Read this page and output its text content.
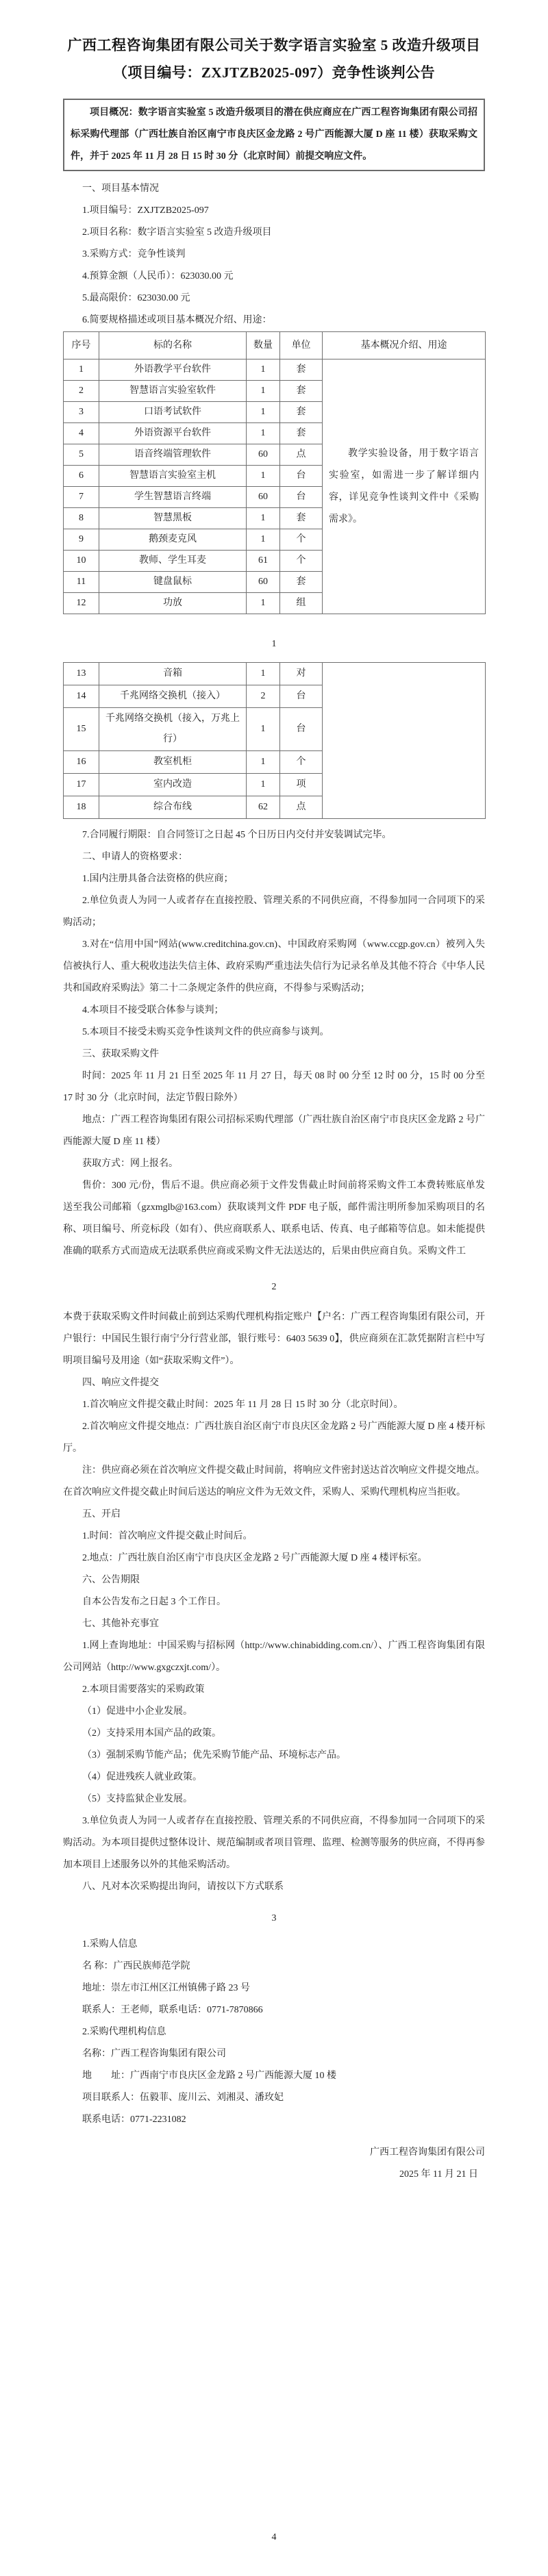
广西工程咨询集团有限公司关于数字语言实验室 5 改造升级项目
（项目编号：ZXJTZB2025-097）竞争性谈判公告

项目概况：数字语言实验室 5 改造升级项目的潜在供应商应在广西工程咨询集团有限公司招标采购代理部（广西壮族自治区南宁市良庆区金龙路 2 号广西能源大厦 D 座 11 楼）获取采购文件，并于 2025 年 11 月 28 日 15 时 30 分（北京时间）前提交响应文件。

一、项目基本情况
1.项目编号：ZXJTZB2025-097
2.项目名称：数字语言实验室 5 改造升级项目
3.采购方式：竞争性谈判
4.预算金额（人民币）：623030.00 元
5.最高限价：623030.00 元
6.简要规格描述或项目基本概况介绍、用途：
序号	标的名称	数量	单位	基本概况介绍、用途
1	外语教学平台软件	1	套	教学实验设备，用于数字语言实验室，如需进一步了解详细内容，详见竞争性谈判文件中《采购需求》。

2	智慧语言实验室软件	1	套	
3	口语考试软件	1	套	
4	外语资源平台软件	1	套	
5	语音终端管理软件	60	点	
6	智慧语言实验室主机	1	台	
7	学生智慧语言终端	60	台	
8	智慧黑板	1	套	
9	鹅颈麦克风	1	个	
10	教师、学生耳麦	61	个	
11	键盘鼠标	60	套	
12	功放	1	组	
1
13	音箱	1	对	
14	千兆网络交换机（接入）	2	台	
15	千兆网络交换机（接入，万兆上行）	1	台	
16	教室机柜	1	个	
17	室内改造	1	项	
18	综合布线	62	点	
7.合同履行期限：自合同签订之日起 45 个日历日内交付并安装调试完毕。
二、申请人的资格要求：
1.国内注册具备合法资格的供应商；
2.单位负责人为同一人或者存在直接控股、管理关系的不同供应商，不得参加同一合同项下的采购活动；
3.对在“信用中国”网站(www.creditchina.gov.cn)、中国政府采购网（www.ccgp.gov.cn）被列入失信被执行人、重大税收违法失信主体、政府采购严重违法失信行为记录名单及其他不符合《中华人民共和国政府采购法》第二十二条规定条件的供应商，不得参与采购活动；
4.本项目不接受联合体参与谈判；
5.本项目不接受未购买竞争性谈判文件的供应商参与谈判。
三、获取采购文件
时间：2025 年 11 月 21 日至 2025 年 11 月 27 日，每天 08 时 00 分至 12 时 00 分，15 时 00 分至 17 时 30 分（北京时间，法定节假日除外）
地点：广西工程咨询集团有限公司招标采购代理部（广西壮族自治区南宁市良庆区金龙路 2 号广西能源大厦 D 座 11 楼）
获取方式：网上报名。
售价：300 元/份，售后不退。供应商必须于文件发售截止时间前将采购文件工本费转账底单发送至我公司邮箱（gzxmglb@163.com）获取谈判文件 PDF 电子版，邮件需注明所参加采购项目的名称、项目编号、所竞标段（如有）、供应商联系人、联系电话、传真、电子邮箱等信息。如未能提供准确的联系方式而造成无法联系供应商或采购文件无法送达的，后果由供应商自负。采购文件工
2
本费于获取采购文件时间截止前到达采购代理机构指定账户【户名：广西工程咨询集团有限公司，开户银行：中国民生银行南宁分行营业部，银行账号：6403 5639 0】，供应商须在汇款凭据附言栏中写明项目编号及用途（如“获取采购文件”）。
四、响应文件提交
1.首次响应文件提交截止时间：2025 年 11 月 28 日 15 时 30 分（北京时间）。
2.首次响应文件提交地点：广西壮族自治区南宁市良庆区金龙路 2 号广西能源大厦 D 座 4 楼开标厅。
注：供应商必须在首次响应文件提交截止时间前，将响应文件密封送达首次响应文件提交地点。在首次响应文件提交截止时间后送达的响应文件为无效文件，采购人、采购代理机构应当拒收。
五、开启
1.时间：首次响应文件提交截止时间后。
2.地点：广西壮族自治区南宁市良庆区金龙路 2 号广西能源大厦 D 座 4 楼评标室。
六、公告期限
自本公告发布之日起 3 个工作日。
七、其他补充事宜
1.网上查询地址：中国采购与招标网（http://www.chinabidding.com.cn/）、广西工程咨询集团有限公司网站（http://www.gxgczxjt.com/）。
2.本项目需要落实的采购政策
（1）促进中小企业发展。
（2）支持采用本国产品的政策。
（3）强制采购节能产品；优先采购节能产品、环境标志产品。
（4）促进残疾人就业政策。
（5）支持监狱企业发展。
3.单位负责人为同一人或者存在直接控股、管理关系的不同供应商，不得参加同一合同项下的采购活动。为本项目提供过整体设计、规范编制或者项目管理、监理、检测等服务的供应商，不得再参加本项目上述服务以外的其他采购活动。
八、凡对本次采购提出询问，请按以下方式联系
3
1.采购人信息
名 称：广西民族师范学院
地址：崇左市江州区江州镇佛子路 23 号
联系人：王老师，联系电话：0771-7870866
2.采购代理机构信息
名称：广西工程咨询集团有限公司
地　　址：广西南宁市良庆区金龙路 2 号广西能源大厦 10 楼
项目联系人：伍毅菲、庞川云、刘湘灵、潘玫妃
联系电话：0771-2231082
广西工程咨询集团有限公司
2025 年 11 月 21 日
4
